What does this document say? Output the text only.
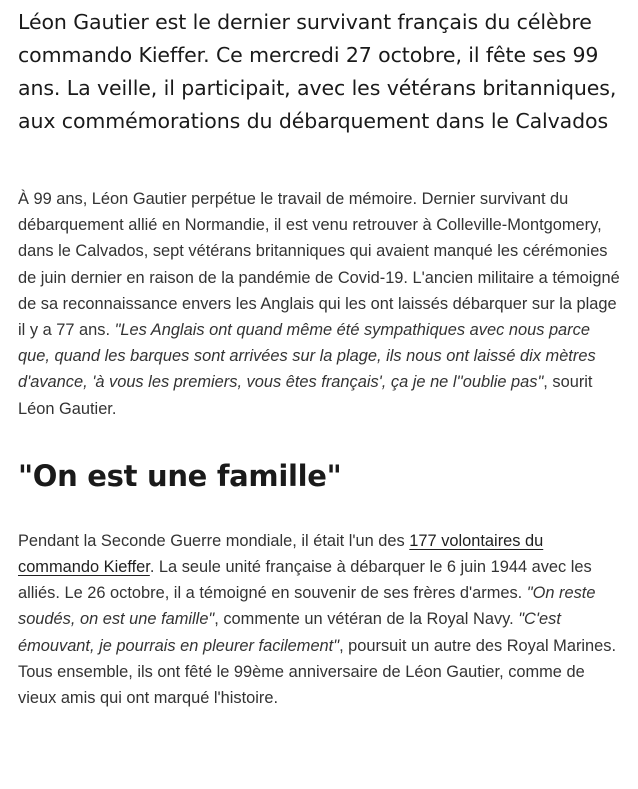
Léon Gautier est le dernier survivant français du célèbre commando Kieffer. Ce mercredi 27 octobre, il fête ses 99 ans. La veille, il participait, avec les vétérans britanniques, aux commémorations du débarquement dans le Calvados

À 99 ans, Léon Gautier perpétue le travail de mémoire. Dernier survivant du débarquement allié en Normandie, il est venu retrouver à Colleville-Montgomery, dans le Calvados, sept vétérans britanniques qui avaient manqué les cérémonies de juin dernier en raison de la pandémie de Covid-19. L'ancien militaire a témoigné de sa reconnaissance envers les Anglais qui les ont laissés débarquer sur la plage il y a 77 ans. "Les Anglais ont quand même été sympathiques avec nous parce que, quand les barques sont arrivées sur la plage, ils nous ont laissé dix mètres d'avance, 'à vous les premiers, vous êtes français', ça je ne l''oublie pas", sourit Léon Gautier.

"On est une famille"

Pendant la Seconde Guerre mondiale, il était l'un des 177 volontaires du commando Kieffer. La seule unité française à débarquer le 6 juin 1944 avec les alliés. Le 26 octobre, il a témoigné en souvenir de ses frères d'armes. "On reste soudés, on est une famille", commente un vétéran de la Royal Navy. "C'est émouvant, je pourrais en pleurer facilement", poursuit un autre des Royal Marines. Tous ensemble, ils ont fêté le 99ème anniversaire de Léon Gautier, comme de vieux amis qui ont marqué l'histoire.
